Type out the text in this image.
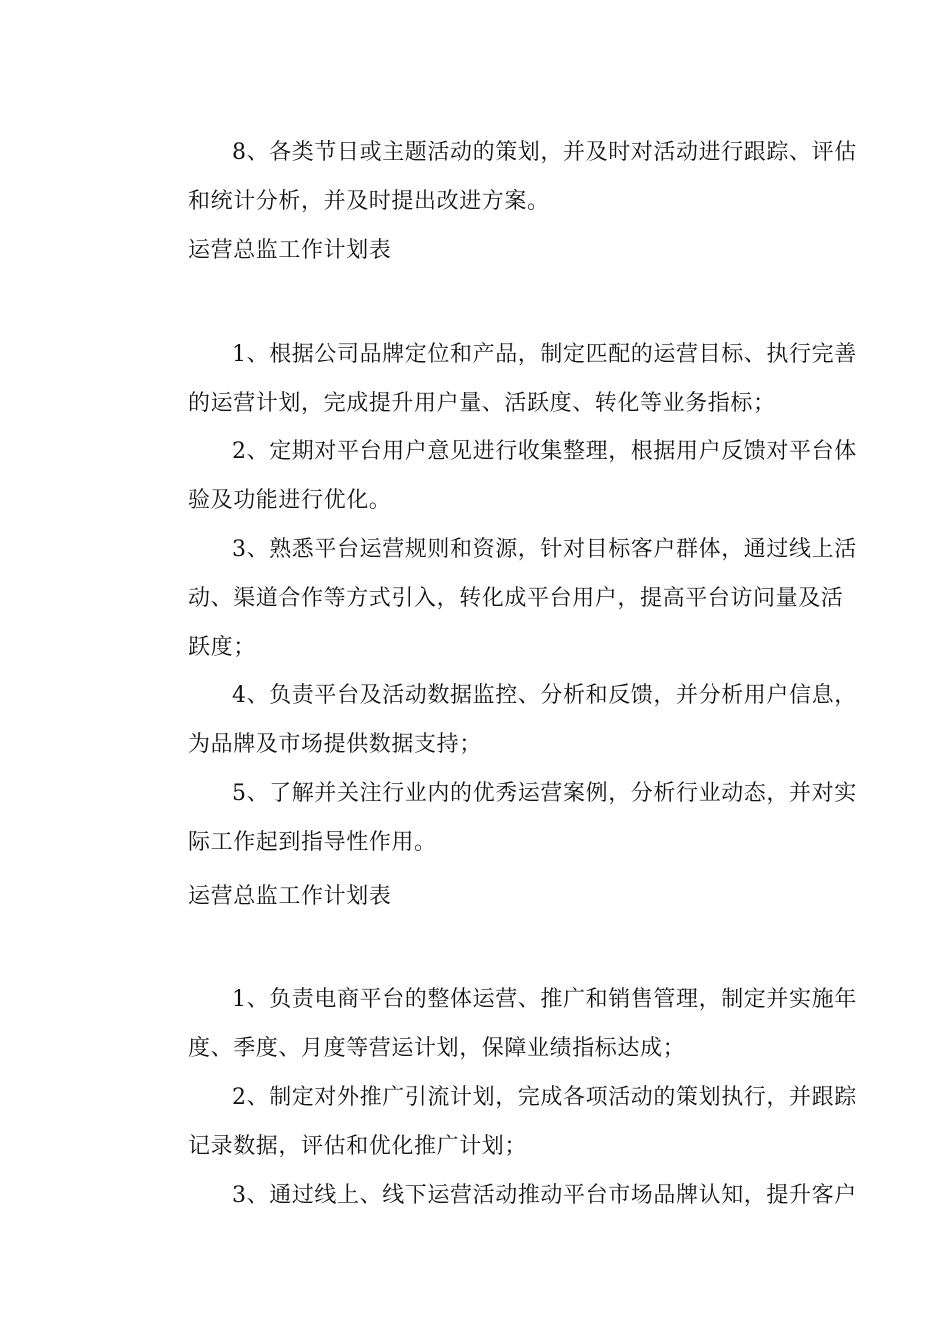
8、各类节日或主题活动的策划，并及时对活动进行跟踪、评估
和统计分析，并及时提出改进方案。
运营总监工作计划表
1、根据公司品牌定位和产品，制定匹配的运营目标、执行完善
的运营计划，完成提升用户量、活跃度、转化等业务指标；
2、定期对平台用户意见进行收集整理，根据用户反馈对平台体
验及功能进行优化。
3、熟悉平台运营规则和资源，针对目标客户群体，通过线上活
动、渠道合作等方式引入，转化成平台用户，提高平台访问量及活
跃度；
4、负责平台及活动数据监控、分析和反馈，并分析用户信息，
为品牌及市场提供数据支持；
5、了解并关注行业内的优秀运营案例，分析行业动态，并对实
际工作起到指导性作用。
运营总监工作计划表
1、负责电商平台的整体运营、推广和销售管理，制定并实施年
度、季度、月度等营运计划，保障业绩指标达成；
2、制定对外推广引流计划，完成各项活动的策划执行，并跟踪
记录数据，评估和优化推广计划；
3、通过线上、线下运营活动推动平台市场品牌认知，提升客户
